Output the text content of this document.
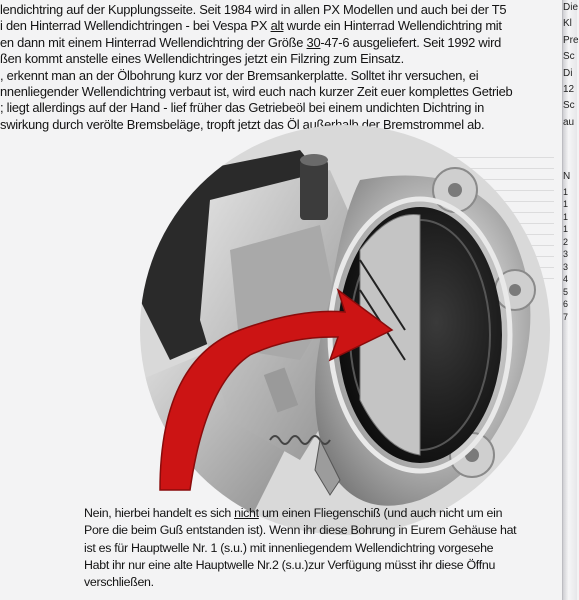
lendichtring auf der Kupplungsseite. Seit 1984 wird in allen PX Modellen und auch bei der T5
i den Hinterrad Wellendichtringen - bei Vespa PX alt wurde ein Hinterrad Wellendichtring mit
en dann mit einem Hinterrad Wellendichtring der Größe 30-47-6 ausgeliefert. Seit 1992 wird
ßen kommt anstelle eines Wellendichtringes jetzt ein Filzring zum Einsatz.
, erkennt man an der Ölbohrung kurz vor der Bremsankerplatte. Solltet ihr versuchen, ei
nnenliegender Wellendichtring verbaut ist, wird euch nach kurzer Zeit euer komplettes Getrieb
; liegt allerdings auf der Hand - lief früher das Getriebeöl bei einem undichten Dichtring in
swirkung durch verölte Bremsbeläge, tropft jetzt das Öl außerhalb der Bremstrommel ab.
Die
Kl
Pre
Sc
Di
12
Sc
au
N
1
1
1
1
2
3
3
4
5
6
7
Nein, hierbei handelt es sich nicht um einen Fliegenschiß (und auch nicht um ein
Pore die beim Guß entstanden ist). Wenn ihr diese Bohrung in Eurem Gehäuse hat
ist es für Hauptwelle Nr. 1 (s.u.) mit innenliegendem Wellendichtring vorgesehe
Habt ihr nur eine alte Hauptwelle Nr.2 (s.u.)zur Verfügung müsst ihr diese Öffnu
verschließen.
